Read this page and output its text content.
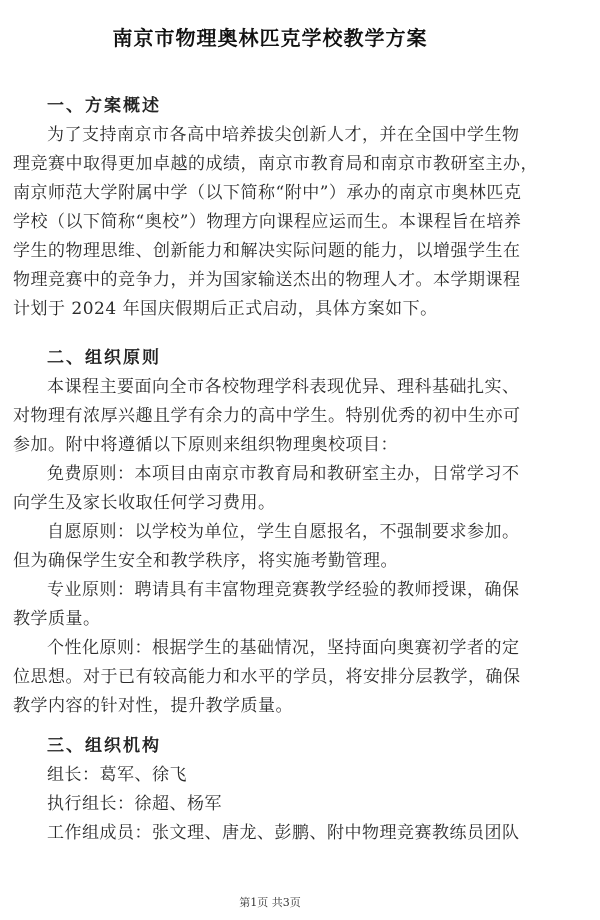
南京市物理奥林匹克学校教学方案
一、方案概述
为了支持南京市各高中培养拔尖创新人才，并在全国中学生物
理竞赛中取得更加卓越的成绩，南京市教育局和南京市教研室主办，
南京师范大学附属中学（以下简称“附中”）承办的南京市奥林匹克
学校（以下简称“奥校”）物理方向课程应运而生。本课程旨在培养
学生的物理思维、创新能力和解决实际问题的能力，以增强学生在
物理竞赛中的竞争力，并为国家输送杰出的物理人才。本学期课程
计划于 2024 年国庆假期后正式启动，具体方案如下。
二、组织原则
本课程主要面向全市各校物理学科表现优异、理科基础扎实、
对物理有浓厚兴趣且学有余力的高中学生。特别优秀的初中生亦可
参加。附中将遵循以下原则来组织物理奥校项目：
免费原则：本项目由南京市教育局和教研室主办，日常学习不
向学生及家长收取任何学习费用。
自愿原则：以学校为单位，学生自愿报名，不强制要求参加。
但为确保学生安全和教学秩序，将实施考勤管理。
专业原则：聘请具有丰富物理竞赛教学经验的教师授课，确保
教学质量。
个性化原则：根据学生的基础情况，坚持面向奥赛初学者的定
位思想。对于已有较高能力和水平的学员，将安排分层教学，确保
教学内容的针对性，提升教学质量。
三、组织机构
组长：葛军、徐飞
执行组长：徐超、杨军
工作组成员：张文理、唐龙、彭鹏、附中物理竞赛教练员团队
第1页 共3页
